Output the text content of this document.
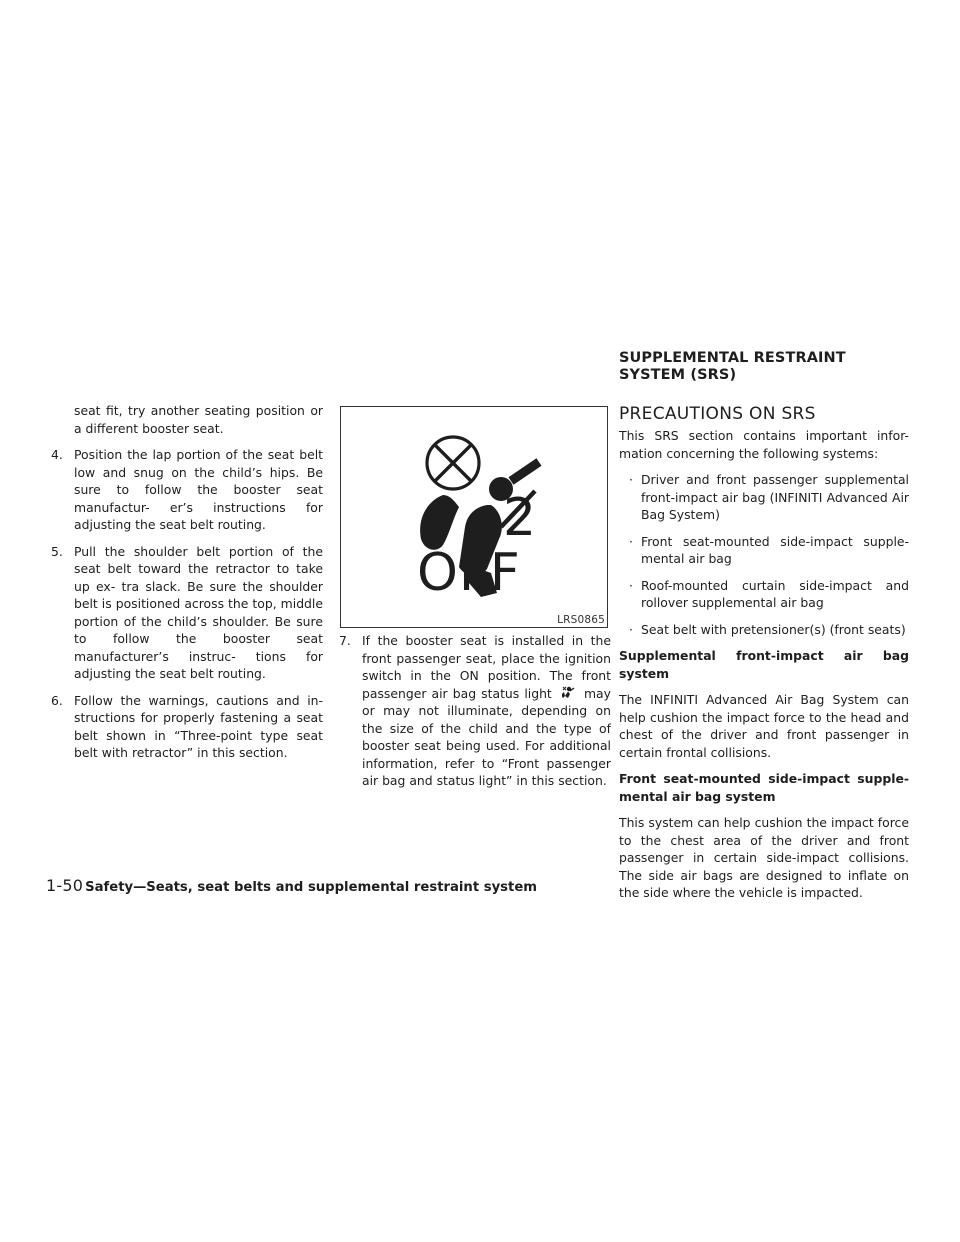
seat fit, try another seating position or a different booster seat.
4. Position the lap portion of the seat belt low and snug on the child’s hips. Be sure to follow the booster seat manufactur- er’s instructions for adjusting the seat belt routing.
5. Pull the shoulder belt portion of the seat belt toward the retractor to take up ex- tra slack. Be sure the shoulder belt is positioned across the top, middle portion of the child’s shoulder. Be sure to follow the booster seat manufacturer’s instruc- tions for adjusting the seat belt routing.
6. Follow the warnings, cautions and in- structions for properly fastening a seat belt shown in “Three-point type seat belt with retractor” in this section.
2
OFF
LRS0865
7. If the booster seat is installed in the front passenger seat, place the ignition switch in the ON position. The front passenger air bag status light	may or may not illuminate, depending on the size of the child and the type of booster seat being used. For additional information, refer to “Front passenger air bag and status light” in this section.
SUPPLEMENTAL RESTRAINT
SYSTEM (SRS)
PRECAUTIONS ON SRS
This SRS section contains important infor- mation concerning the following systems:
· Driver and front passenger supplemental front-impact air bag (INFINITI Advanced Air Bag System)
· Front seat-mounted side-impact supple- mental air bag
· Roof-mounted curtain side-impact and rollover supplemental air bag
· Seat belt with pretensioner(s) (front seats)
Supplemental front-impact air bag system
The INFINITI Advanced Air Bag System can help cushion the impact force to the head and chest of the driver and front passenger in certain frontal collisions.
Front seat-mounted side-impact supple- mental air bag system
This system can help cushion the impact force to the chest area of the driver and front passenger in certain side-impact collisions. The side air bags are designed to inflate on the side where the vehicle is impacted.
1-50 Safety—Seats, seat belts and supplemental restraint system
